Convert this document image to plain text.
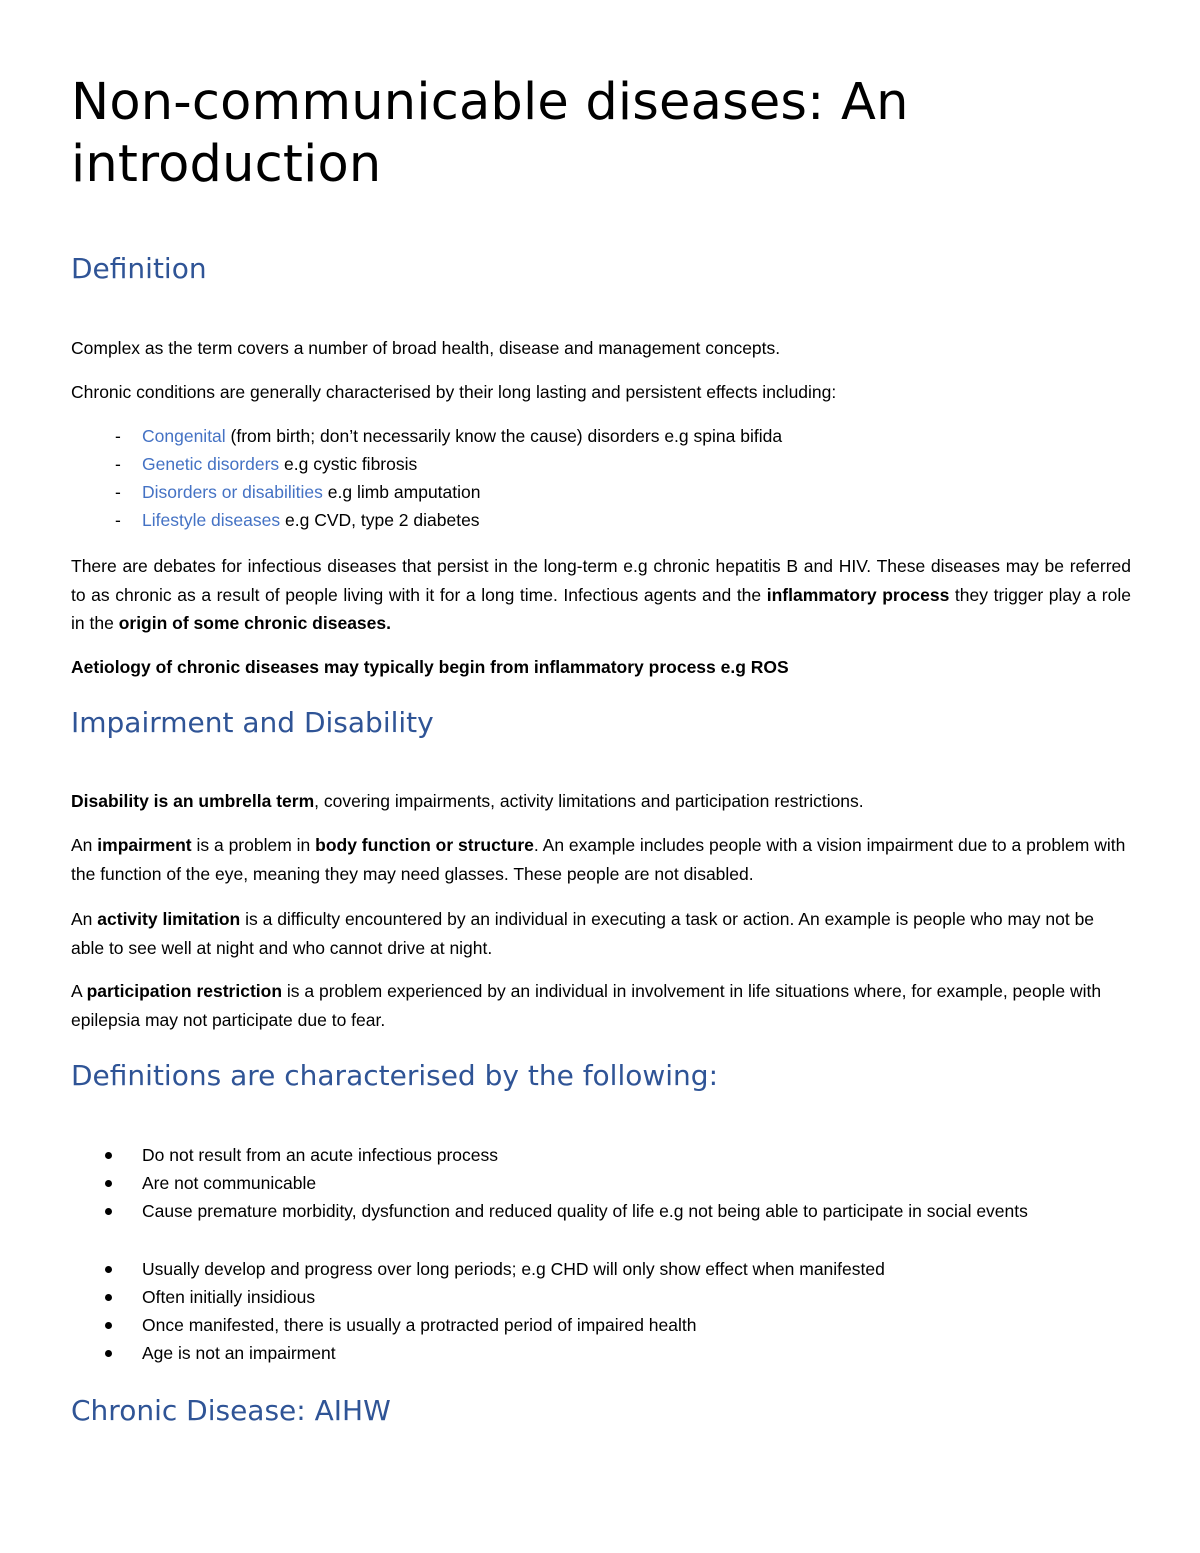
Non-communicable diseases: An introduction
Definition

Complex as the term covers a number of broad health, disease and management concepts.

Chronic conditions are generally characterised by their long lasting and persistent effects including:

- Congenital (from birth; don’t necessarily know the cause) disorders e.g spina bifida
- Genetic disorders e.g cystic fibrosis
- Disorders or disabilities e.g limb amputation
- Lifestyle diseases e.g CVD, type 2 diabetes

There are debates for infectious diseases that persist in the long-term e.g chronic hepatitis B and HIV. These diseases may be referred to as chronic as a result of people living with it for a long time. Infectious agents and the inflammatory process they trigger play a role in the origin of some chronic diseases.

Aetiology of chronic diseases may typically begin from inflammatory process e.g ROS

Impairment and Disability

Disability is an umbrella term, covering impairments, activity limitations and participation restrictions.

An impairment is a problem in body function or structure. An example includes people with a vision impairment due to a problem with the function of the eye, meaning they may need glasses. These people are not disabled.

An activity limitation is a difficulty encountered by an individual in executing a task or action. An example is people who may not be able to see well at night and who cannot drive at night.

A participation restriction is a problem experienced by an individual in involvement in life situations where, for example, people with epilepsia may not participate due to fear.

Definitions are characterised by the following:
Do not result from an acute infectious process
Are not communicable
Cause premature morbidity, dysfunction and reduced quality of life e.g not being able to participate in social events
Usually develop and progress over long periods; e.g CHD will only show effect when manifested
Often initially insidious
Once manifested, there is usually a protracted period of impaired health
Age is not an impairment
Chronic Disease: AIHW
